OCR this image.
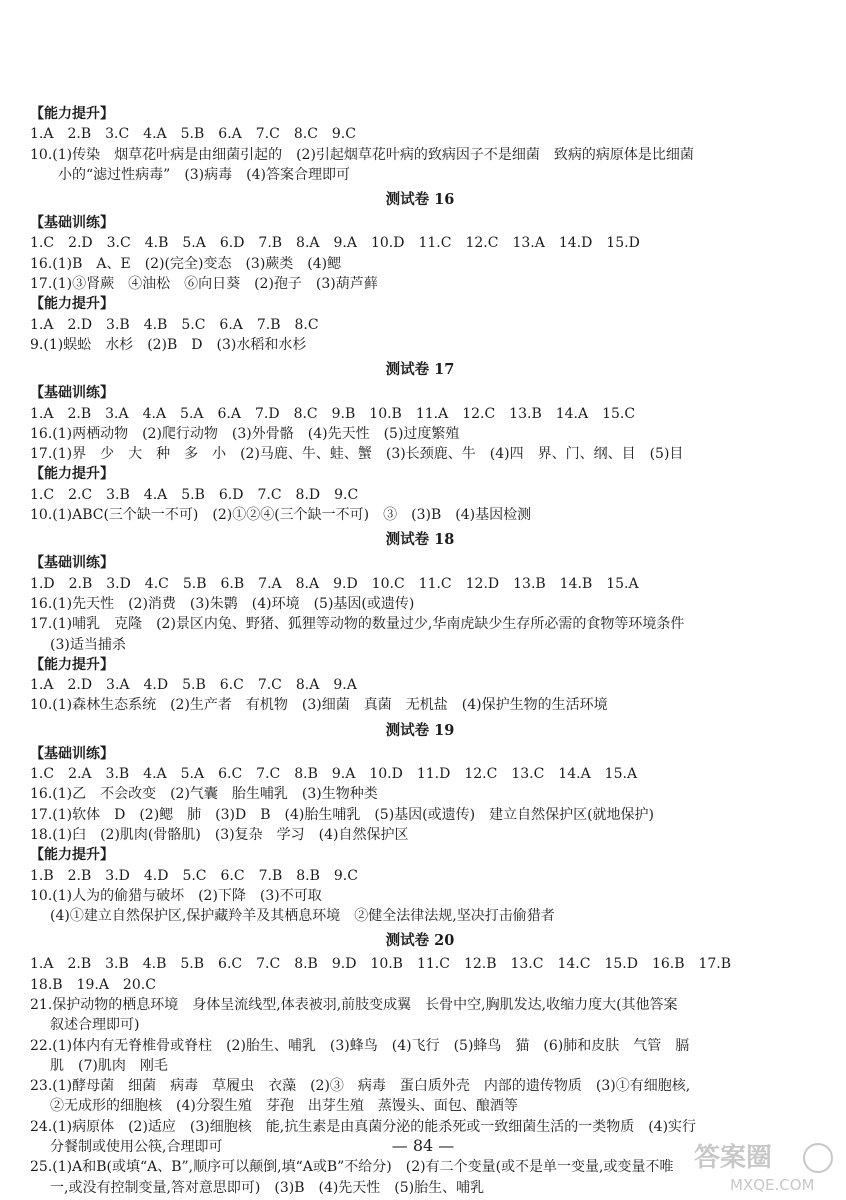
【能力提升】
1.A　2.B　3.C　4.A　5.B　6.A　7.C　8.C　9.C
10.(1)传染　烟草花叶病是由细菌引起的　(2)引起烟草花叶病的致病因子不是细菌　致病的病原体是比细菌
小的“滤过性病毒”　(3)病毒　(4)答案合理即可
测试卷 16
【基础训练】
1.C　2.D　3.C　4.B　5.A　6.D　7.B　8.A　9.A　10.D　11.C　12.C　13.A　14.D　15.D
16.(1)B　A、E　(2)(完全)变态　(3)蕨类　(4)鳃
17.(1)③肾蕨　④油松　⑥向日葵　(2)孢子　(3)葫芦藓
【能力提升】
1.A　2.D　3.B　4.B　5.C　6.A　7.B　8.C
9.(1)蜈蚣　水杉　(2)B　D　(3)水稻和水杉
测试卷 17
【基础训练】
1.A　2.B　3.A　4.A　5.A　6.A　7.D　8.C　9.B　10.B　11.A　12.C　13.B　14.A　15.C
16.(1)两栖动物　(2)爬行动物　(3)外骨骼　(4)先天性　(5)过度繁殖
17.(1)界　少　大　种　多　小　(2)马鹿、牛、蛙、蟹　(3)长颈鹿、牛　(4)四　界、门、纲、目　(5)目
【能力提升】
1.C　2.C　3.B　4.A　5.B　6.D　7.C　8.D　9.C
10.(1)ABC(三个缺一不可)　(2)①②④(三个缺一不可)　③　(3)B　(4)基因检测
测试卷 18
【基础训练】
1.D　2.B　3.D　4.C　5.B　6.B　7.A　8.A　9.D　10.C　11.C　12.D　13.B　14.B　15.A
16.(1)先天性　(2)消费　(3)朱鹮　(4)环境　(5)基因(或遗传)
17.(1)哺乳　克隆　(2)景区内兔、野猪、狐狸等动物的数量过少,华南虎缺少生存所必需的食物等环境条件
(3)适当捕杀
【能力提升】
1.A　2.D　3.A　4.D　5.B　6.C　7.C　8.A　9.A
10.(1)森林生态系统　(2)生产者　有机物　(3)细菌　真菌　无机盐　(4)保护生物的生活环境
测试卷 19
【基础训练】
1.C　2.A　3.B　4.A　5.A　6.C　7.C　8.B　9.A　10.D　11.D　12.C　13.C　14.A　15.A
16.(1)乙　不会改变　(2)气囊　胎生哺乳　(3)生物种类
17.(1)软体　D　(2)鳃　肺　(3)D　B　(4)胎生哺乳　(5)基因(或遗传)　建立自然保护区(就地保护)
18.(1)臼　(2)肌肉(骨骼肌)　(3)复杂　学习　(4)自然保护区
【能力提升】
1.B　2.B　3.D　4.D　5.C　6.C　7.B　8.B　9.C
10.(1)人为的偷猎与破坏　(2)下降　(3)不可取
(4)①建立自然保护区,保护藏羚羊及其栖息环境　②健全法律法规,坚决打击偷猎者
测试卷 20
1.A　2.B　3.B　4.B　5.B　6.C　7.C　8.B　9.D　10.B　11.C　12.B　13.C　14.C　15.D　16.B　17.B
18.B　19.A　20.C
21.保护动物的栖息环境　身体呈流线型,体表被羽,前肢变成翼　长骨中空,胸肌发达,收缩力度大(其他答案
叙述合理即可)
22.(1)体内有无脊椎骨或脊柱　(2)胎生、哺乳　(3)蜂鸟　(4)飞行　(5)蜂鸟　猫　(6)肺和皮肤　气管　膈
肌　(7)肌肉　刚毛
23.(1)酵母菌　细菌　病毒　草履虫　衣藻　(2)③　病毒　蛋白质外壳　内部的遗传物质　(3)①有细胞核,
②无成形的细胞核　(4)分裂生殖　芽孢　出芽生殖　蒸馒头、面包、酿酒等
24.(1)病原体　(2)适应　(3)细胞核　能,抗生素是由真菌分泌的能杀死或一致细菌生活的一类物质　(4)实行
分餐制或使用公筷,合理即可
25.(1)A和B(或填“A、B”,顺序可以颠倒,填“A或B”不给分)　(2)有二个变量(或不是单一变量,或变量不唯
一,或没有控制变量,答对意思即可)　(3)B　(4)先天性　(5)胎生、哺乳
— 84 —	答案圈
MXQE.COM
